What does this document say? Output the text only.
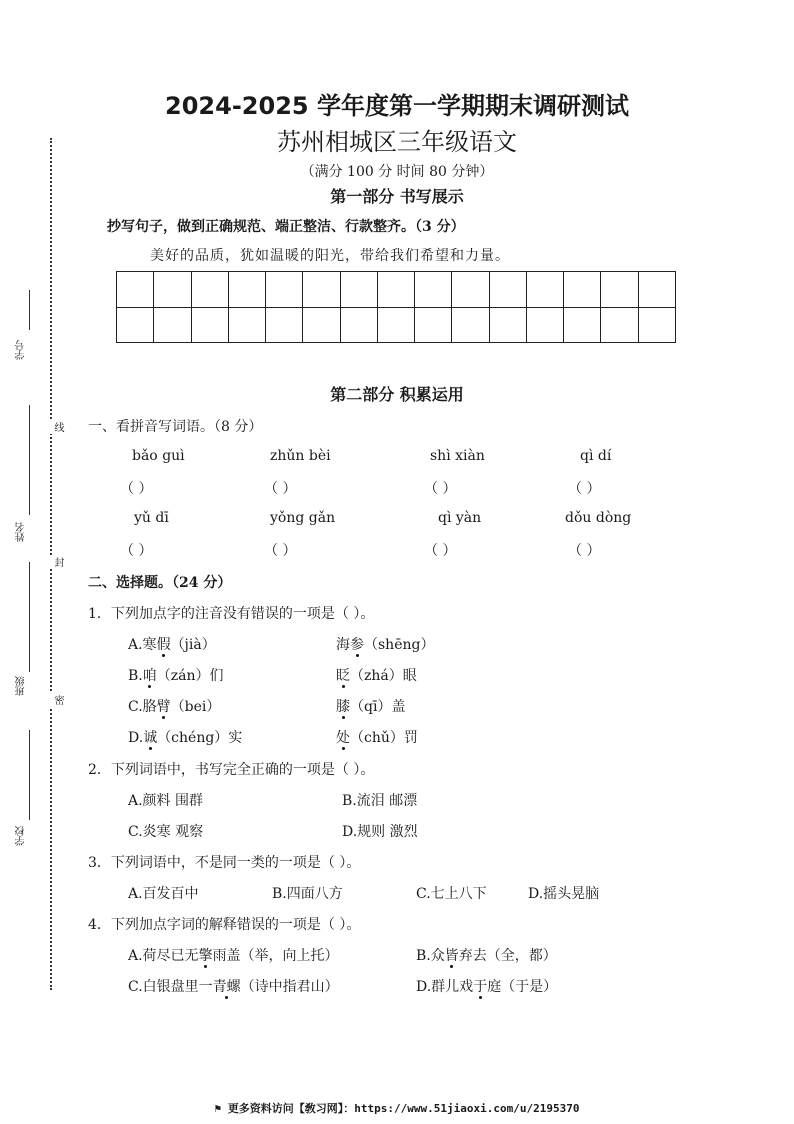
学号
姓名
班级
学校
线
封
密
2024-2025 学年度第一学期期末调研测试
苏州相城区三年级语文
（满分 100 分 时间 80 分钟）
第一部分 书写展示
抄写句子，做到正确规范、端正整洁、行款整齐。（3 分）
美好的品质，犹如温暖的阳光，带给我们希望和力量。

第二部分 积累运用
一、看拼音写词语。（8 分）
bǎo guì	zhǔn bèi	shì xiàn	qì dí
（ ）	（ ）	（ ）	（ ）
yǔ dī	yǒng gǎn	qì yàn	dǒu dòng
（ ）	（ ）	（ ）	（ ）
二、选择题。（24 分）
1．下列加点字的注音没有错误的一项是（ ）。
A.寒假（jià）	海参（shēng）
B.咱（zán）们	眨（zhá）眼
C.胳臂（bei）	膝（qī）盖
D.诚（chéng）实	处（chǔ）罚
2．下列词语中，书写完全正确的一项是（ ）。
A.颜料 围群	B.流泪 邮漂
C.炎寒 观察	D.规则 激烈
3．下列词语中，不是同一类的一项是（ ）。
A.百发百中	B.四面八方	C.七上八下	D.摇头晃脑
4．下列加点字词的解释错误的一项是（ ）。
A.荷尽已无擎雨盖（举，向上托）	B.众皆弃去（全，都）
C.白银盘里一青螺（诗中指君山）	D.群儿戏于庭（于是）
⚑ 更多资料访问【敎习网】：https://www.51jiaoxi.com/u/2195370
